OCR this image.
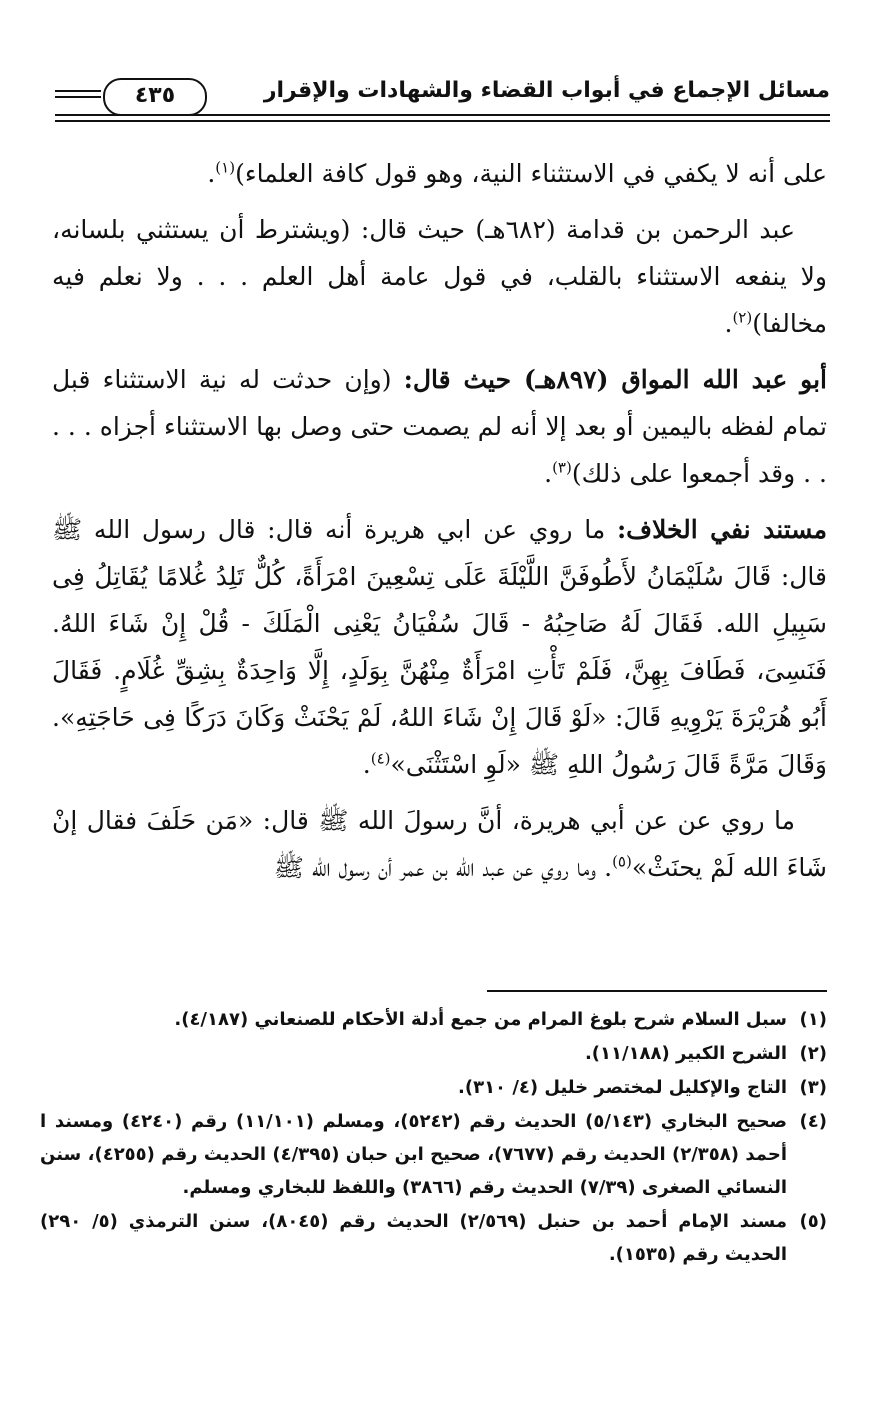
٤٣٥	مسائل الإجماع في أبواب القضاء والشهادات والإقرار

على أنه لا يكفي في الاستثناء النية، وهو قول كافة العلماء)$^{(١)}$.

عبد الرحمن بن قدامة (٦٨٢هـ) حيث قال: (ويشترط أن يستثني بلسانه، ولا ينفعه الاستثناء بالقلب، في قول عامة أهل العلم . . . ولا نعلم فيه مخالفا)$^{(٢)}$.

أبو عبد الله المواق (٨٩٧هـ) حيث قال: (وإن حدثت له نية الاستثناء قبل تمام لفظه باليمين أو بعد إلا أنه لم يصمت حتى وصل بها الاستثناء أجزاه . . . . . وقد أجمعوا على ذلك)$^{(٣)}$.

مستند نفي الخلاف: ما روي عن ابي هريرة أنه قال: قال رسول الله ﷺ قال: قَالَ سُلَيْمَانُ لأَطُوفَنَّ اللَّيْلَةَ عَلَى تِسْعِينَ امْرَأَةً، كُلٌّ تَلِدُ غُلامًا يُقَاتِلُ فِى سَبِيلِ الله. فَقَالَ لَهُ صَاحِبُهُ - قَالَ سُفْيَانُ يَعْنِى الْمَلَكَ - قُلْ إِنْ شَاءَ اللهُ. فَنَسِىَ، فَطَافَ بِهِنَّ، فَلَمْ تَأْتِ امْرَأَةٌ مِنْهُنَّ بِوَلَدٍ، إِلَّا وَاحِدَةٌ بِشِقِّ غُلَامٍ. فَقَالَ أَبُو هُرَيْرَةَ يَرْوِيهِ قَالَ: «لَوْ قَالَ إِنْ شَاءَ اللهُ، لَمْ يَحْنَثْ وَكَانَ دَرَكًا فِى حَاجَتِهِ». وَقَالَ مَرَّةً قَالَ رَسُولُ اللهِ ﷺ «لَوِ اسْتَثْنَى»$^{(٤)}$.

ما روي عن عن أبي هريرة، أنَّ رسولَ الله ﷺ قال: «مَن حَلَفَ فقال إنْ شَاءَ الله لَمْ يحنَثْ»$^{(٥)}$. وما روي عن عبد الله بن عمر أن رسول الله ﷺ

(١)
سبل السلام شرح بلوغ المرام من جمع أدلة الأحكام للصنعاني (٤/١٨٧).
(٢)
الشرح الكبير (١١/١٨٨).
(٣)
التاج والإكليل لمختصر خليل (٤/ ٣١٠).
(٤)
صحيح البخاري (٥/١٤٣) الحديث رقم (٥٢٤٢)، ومسلم (١١/١٠١) رقم (٤٢٤٠) ومسند ا أحمد (٢/٣٥٨) الحديث رقم (٧٦٧٧)، صحيح ابن حبان (٤/٣٩٥) الحديث رقم (٤٢٥٥)، سنن النسائي الصغرى (٧/٣٩) الحديث رقم (٣٨٦٦) واللفظ للبخاري ومسلم.
(٥)
مسند الإمام أحمد بن حنبل (٢/٥٦٩) الحديث رقم (٨٠٤٥)، سنن الترمذي (٥/ ٢٩٠) الحديث رقم (١٥٣٥).
